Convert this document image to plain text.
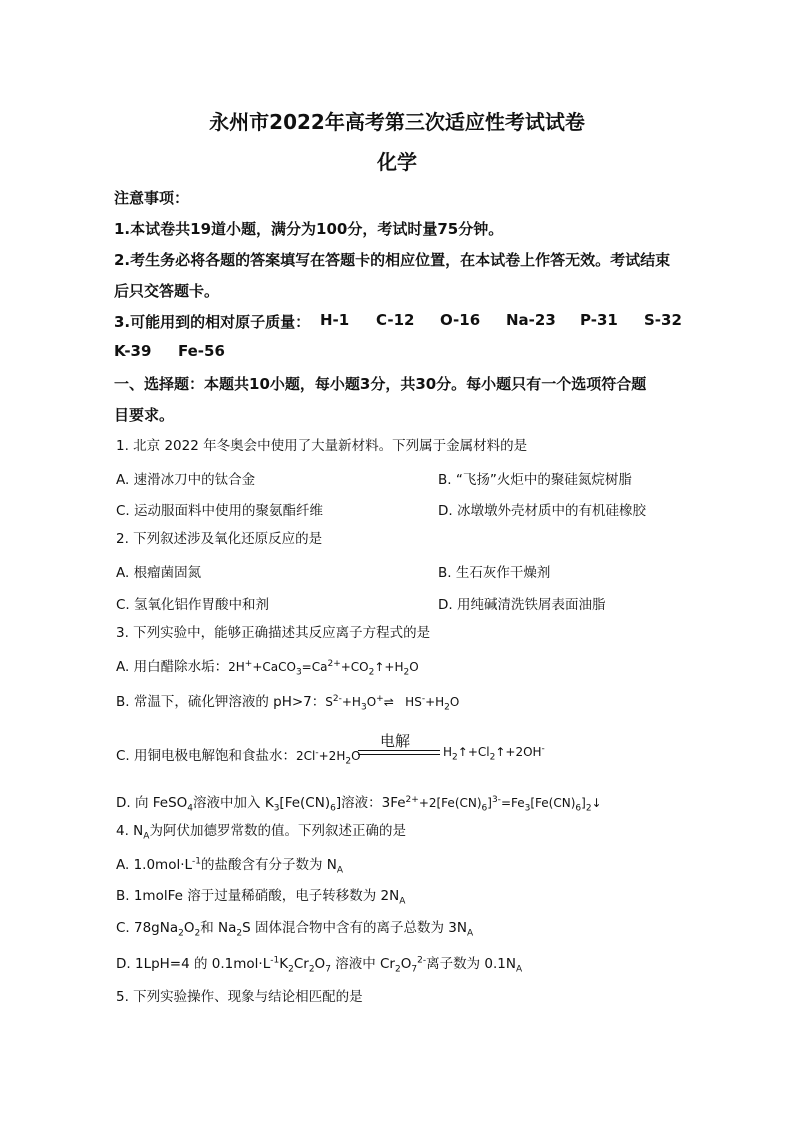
永州市2022年高考第三次适应性考试试卷
化学
注意事项：
1.本试卷共19道小题，满分为100分，考试时量75分钟。
2.考生务必将各题的答案填写在答题卡的相应位置，在本试卷上作答无效。考试结束
后只交答题卡。
3.可能用到的相对原子质量： H-1 C-12 O-16 Na-23 P-31 S-32
K-39 Fe-56
一、选择题：本题共10小题，每小题3分，共30分。每小题只有一个选项符合题
目要求。
1. 北京 2022 年冬奥会中使用了大量新材料。下列属于金属材料的是
A. 速滑冰刀中的钛合金	B. “飞扬”火炬中的聚硅氮烷树脂
C. 运动服面料中使用的聚氨酯纤维	D. 冰墩墩外壳材质中的有机硅橡胶
2. 下列叙述涉及氧化还原反应的是
A. 根瘤菌固氮	B. 生石灰作干燥剂
C. 氢氧化铝作胃酸中和剂	D. 用纯碱清洗铁屑表面油脂
3. 下列实验中，能够正确描述其反应离子方程式的是
A. 用白醋除水垢：$2H^++CaCO_3=Ca^{2+}+CO_2↑+H_2O$
B. 常温下，硫化钾溶液的 pH>7：$S^{2-}+H_3O^+\rightleftharpoons$   $HS^-+H_2O$
C. 用铜电极电解饱和食盐水：$2Cl^-+2H_2O$
电解
$H_2↑+Cl_2↑+2OH^-$
D. 向 FeSO$_4$溶液中加入 $K_3[Fe(CN)_6]$溶液：$3Fe^{2+}+2[Fe(CN)_6]^{3-}=Fe_3[Fe(CN)_6]_2↓$
4. $N_A$为阿伏加德罗常数的值。下列叙述正确的是
A. $1.0mol\cdot L^{-1}$的盐酸含有分子数为 $N_A$
B. 1molFe 溶于过量稀硝酸，电子转移数为 $2N_A$
C. $78gNa_2O_2$和 $Na_2S$ 固体混合物中含有的离子总数为 $3N_A$
D. 1LpH=4 的 $0.1mol\cdot L^{-1}K_2Cr_2O_7$ 溶液中 $Cr_2O_7^{2-}$离子数为 $0.1N_A$
5. 下列实验操作、现象与结论相匹配的是
